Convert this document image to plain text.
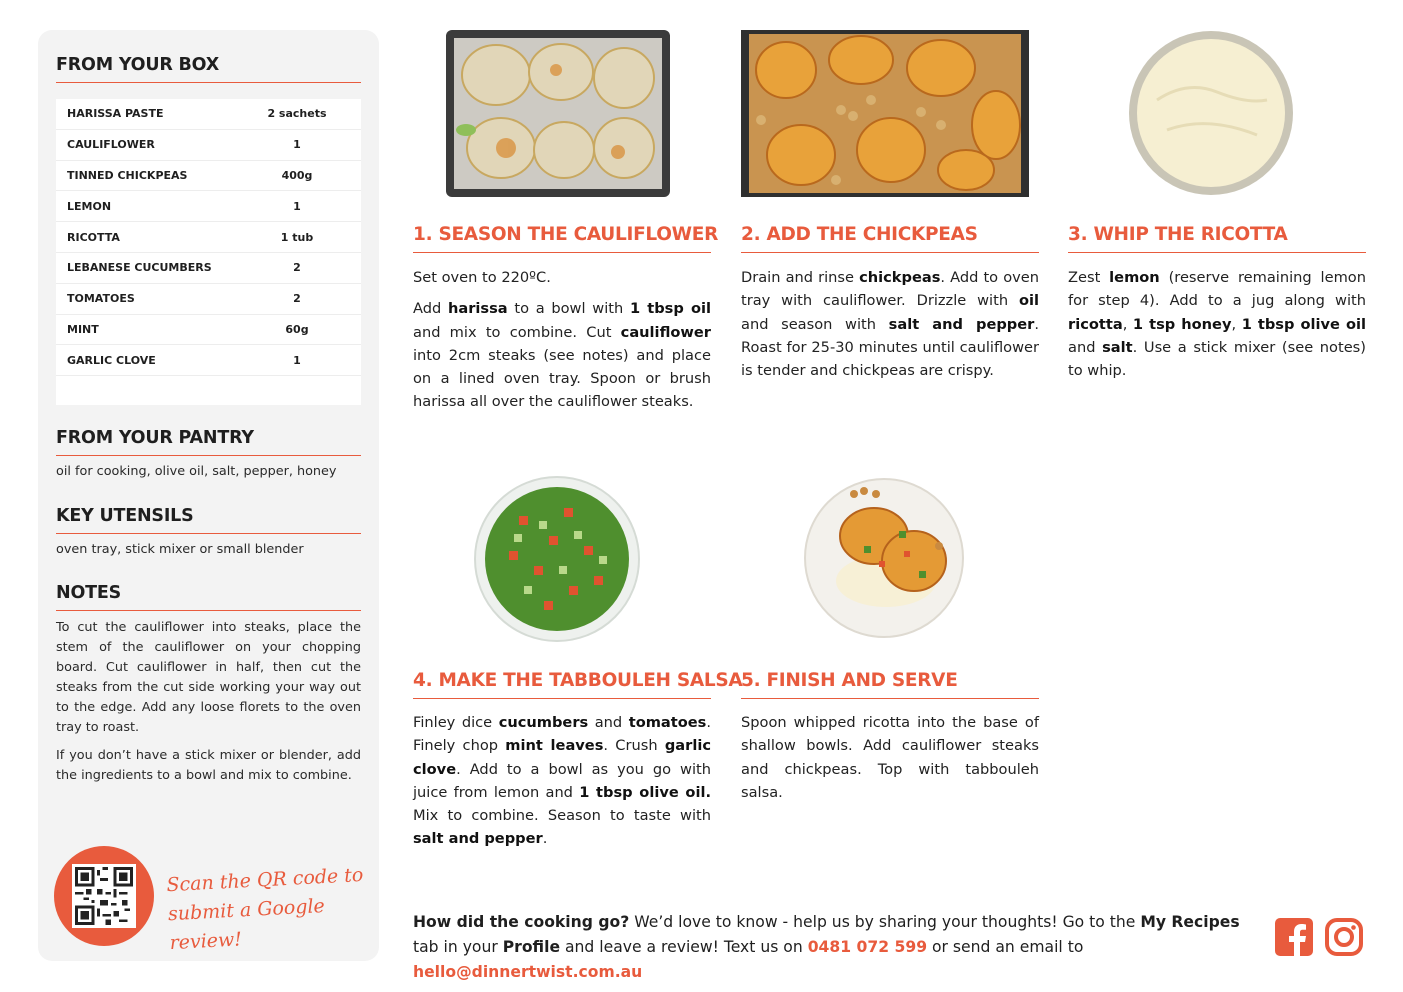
FROM YOUR BOX
HARISSA PASTE	2 sachets
CAULIFLOWER	1
TINNED CHICKPEAS	400g
LEMON	1
RICOTTA	1 tub
LEBANESE CUCUMBERS	2
TOMATOES	2
MINT	60g
GARLIC CLOVE	1
FROM YOUR PANTRY
oil for cooking, olive oil, salt, pepper, honey
KEY UTENSILS
oven tray, stick mixer or small blender
NOTES

To cut the cauliflower into steaks, place the stem of the cauliflower on your chopping board. Cut cauliflower in half, then cut the steaks from the cut side working your way out to the edge. Add any loose florets to the oven tray to roast.

If you don’t have a stick mixer or blender, add the ingredients to a bowl and mix to combine.

Scan the QR code to
submit a Google review!
1. SEASON THE CAULIFLOWER

Set oven to 220ºC.

Add harissa to a bowl with 1 tbsp oil and mix to combine. Cut cauliflower into 2cm steaks (see notes) and place on a lined oven tray. Spoon or brush harissa all over the cauliflower steaks.

2. ADD THE CHICKPEAS

Drain and rinse chickpeas. Add to oven tray with cauliflower. Drizzle with oil and season with salt and pepper. Roast for 25-30 minutes until cauliflower is tender and chickpeas are crispy.

3. WHIP THE RICOTTA

Zest lemon (reserve remaining lemon for step 4). Add to a jug along with ricotta, 1 tsp honey, 1 tbsp olive oil and salt. Use a stick mixer (see notes) to whip.

4. MAKE THE TABBOULEH SALSA

Finley dice cucumbers and tomatoes. Finely chop mint leaves. Crush garlic clove. Add to a bowl as you go with juice from lemon and 1 tbsp olive oil. Mix to combine. Season to taste with salt and pepper.

5. FINISH AND SERVE

Spoon whipped ricotta into the base of shallow bowls. Add cauliflower steaks and chickpeas. Top with tabbouleh salsa.

How did the cooking go? We’d love to know - help us by sharing your thoughts! Go to the My Recipes tab in your Profile and leave a review! Text us on 0481 072 599 or send an email to hello@dinnertwist.com.au
